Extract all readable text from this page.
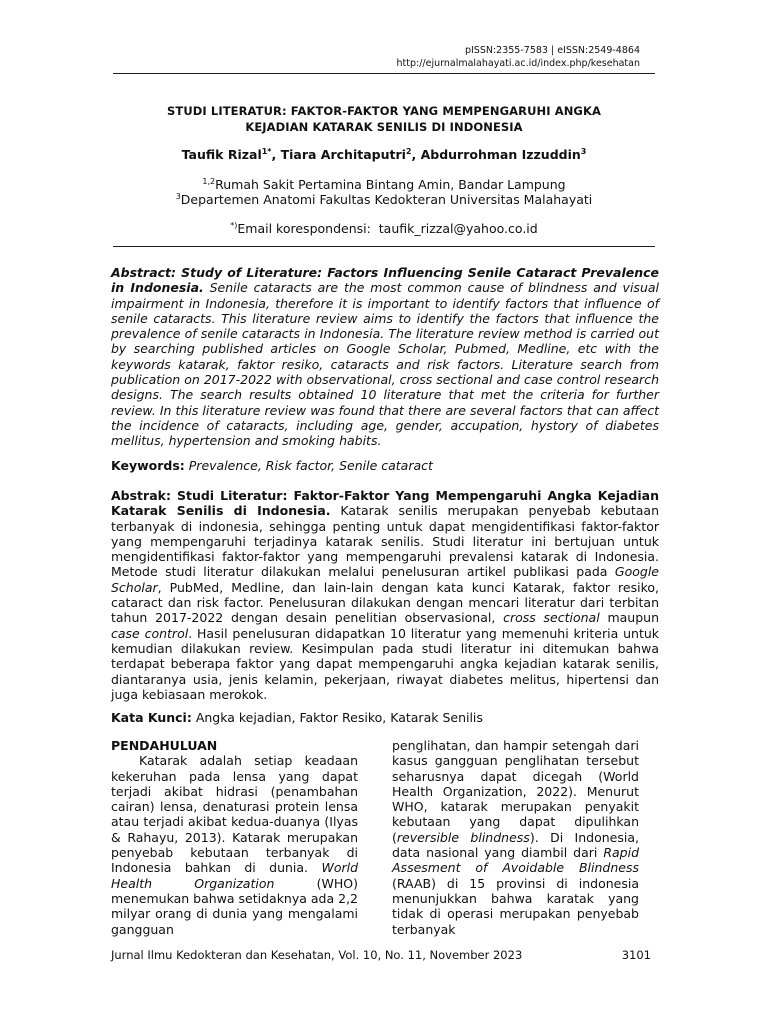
pISSN:2355-7583 | eISSN:2549-4864
http://ejurnalmalahayati.ac.id/index.php/kesehatan
STUDI LITERATUR: FAKTOR-FAKTOR YANG MEMPENGARUHI ANGKA
KEJADIAN KATARAK SENILIS DI INDONESIA
Taufik Rizal$^{1*}$, Tiara Architaputri$^2$, Abdurrohman Izzuddin$^3$
$^{1,2}$Rumah Sakit Pertamina Bintang Amin, Bandar Lampung
$^3$Departemen Anatomi Fakultas Kedokteran Universitas Malahayati
*)Email korespondensi: taufik_rizzal@yahoo.co.id
Abstract: Study of Literature: Factors Influencing Senile Cataract Prevalence in Indonesia. Senile cataracts are the most common cause of blindness and visual impairment in Indonesia, therefore it is important to identify factors that influence of senile cataracts. This literature review aims to identify the factors that influence the prevalence of senile cataracts in Indonesia. The literature review method is carried out by searching published articles on Google Scholar, Pubmed, Medline, etc with the keywords katarak, faktor resiko, cataracts and risk factors. Literature search from publication on 2017-2022 with observational, cross sectional and case control research designs. The search results obtained 10 literature that met the criteria for further review. In this literature review was found that there are several factors that can affect the incidence of cataracts, including age, gender, accupation, hystory of diabetes mellitus, hypertension and smoking habits.
Keywords: Prevalence, Risk factor, Senile cataract
Abstrak: Studi Literatur: Faktor-Faktor Yang Mempengaruhi Angka Kejadian Katarak Senilis di Indonesia. Katarak senilis merupakan penyebab kebutaan terbanyak di indonesia, sehingga penting untuk dapat mengidentifikasi faktor-faktor yang mempengaruhi terjadinya katarak senilis. Studi literatur ini bertujuan untuk mengidentifikasi faktor-faktor yang mempengaruhi prevalensi katarak di Indonesia. Metode studi literatur dilakukan melalui penelusuran artikel publikasi pada Google Scholar, PubMed, Medline, dan lain-lain dengan kata kunci Katarak, faktor resiko, cataract dan risk factor. Penelusuran dilakukan dengan mencari literatur dari terbitan tahun 2017-2022 dengan desain penelitian observasional, cross sectional maupun case control. Hasil penelusuran didapatkan 10 literatur yang memenuhi kriteria untuk kemudian dilakukan review. Kesimpulan pada studi literatur ini ditemukan bahwa terdapat beberapa faktor yang dapat mempengaruhi angka kejadian katarak senilis, diantaranya usia, jenis kelamin, pekerjaan, riwayat diabetes melitus, hipertensi dan juga kebiasaan merokok.
Kata Kunci: Angka kejadian, Faktor Resiko, Katarak Senilis

PENDAHULUAN

Katarak adalah setiap keadaan kekeruhan pada lensa yang dapat terjadi akibat hidrasi (penambahan cairan) lensa, denaturasi protein lensa atau terjadi akibat kedua-duanya (Ilyas & Rahayu, 2013). Katarak merupakan penyebab kebutaan terbanyak di Indonesia bahkan di dunia. World Health Organization	(WHO) menemukan bahwa setidaknya ada 2,2 milyar orang di dunia yang mengalami gangguan

penglihatan, dan hampir setengah dari kasus gangguan penglihatan tersebut seharusnya dapat dicegah (World Health Organization, 2022). Menurut WHO, katarak merupakan penyakit kebutaan yang dapat dipulihkan (reversible blindness). Di Indonesia, data nasional yang diambil dari Rapid Assesment of Avoidable Blindness (RAAB) di 15 provinsi di indonesia menunjukkan bahwa karatak yang tidak di operasi merupakan penyebab terbanyak

Jurnal Ilmu Kedokteran dan Kesehatan, Vol. 10, No. 11, November 2023	3101
